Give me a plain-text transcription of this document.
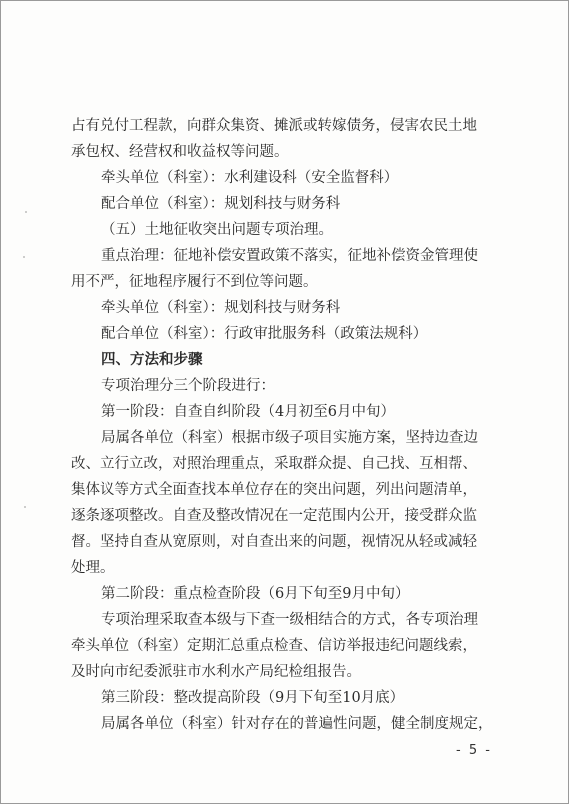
占有兑付工程款，向群众集资、摊派或转嫁债务，侵害农民土地

承包权、经营权和收益权等问题。

牵头单位（科室）：水利建设科（安全监督科）

配合单位（科室）：规划科技与财务科

（五）土地征收突出问题专项治理。

重点治理：征地补偿安置政策不落实，征地补偿资金管理使

用不严，征地程序履行不到位等问题。

牵头单位（科室）：规划科技与财务科

配合单位（科室）：行政审批服务科（政策法规科）

四、方法和步骤

专项治理分三个阶段进行：

第一阶段：自查自纠阶段（4月初至6月中旬）

局属各单位（科室）根据市级子项目实施方案，坚持边查边

改、立行立改，对照治理重点，采取群众提、自己找、互相帮、

集体议等方式全面查找本单位存在的突出问题，列出问题清单，

逐条逐项整改。自查及整改情况在一定范围内公开，接受群众监

督。坚持自查从宽原则，对自查出来的问题，视情况从轻或减轻

处理。

第二阶段：重点检查阶段（6月下旬至9月中旬）

专项治理采取查本级与下查一级相结合的方式，各专项治理

牵头单位（科室）定期汇总重点检查、信访举报违纪问题线索，

及时向市纪委派驻市水利水产局纪检组报告。

第三阶段：整改提高阶段（9月下旬至10月底）

局属各单位（科室）针对存在的普遍性问题，健全制度规定，

- 5 -
